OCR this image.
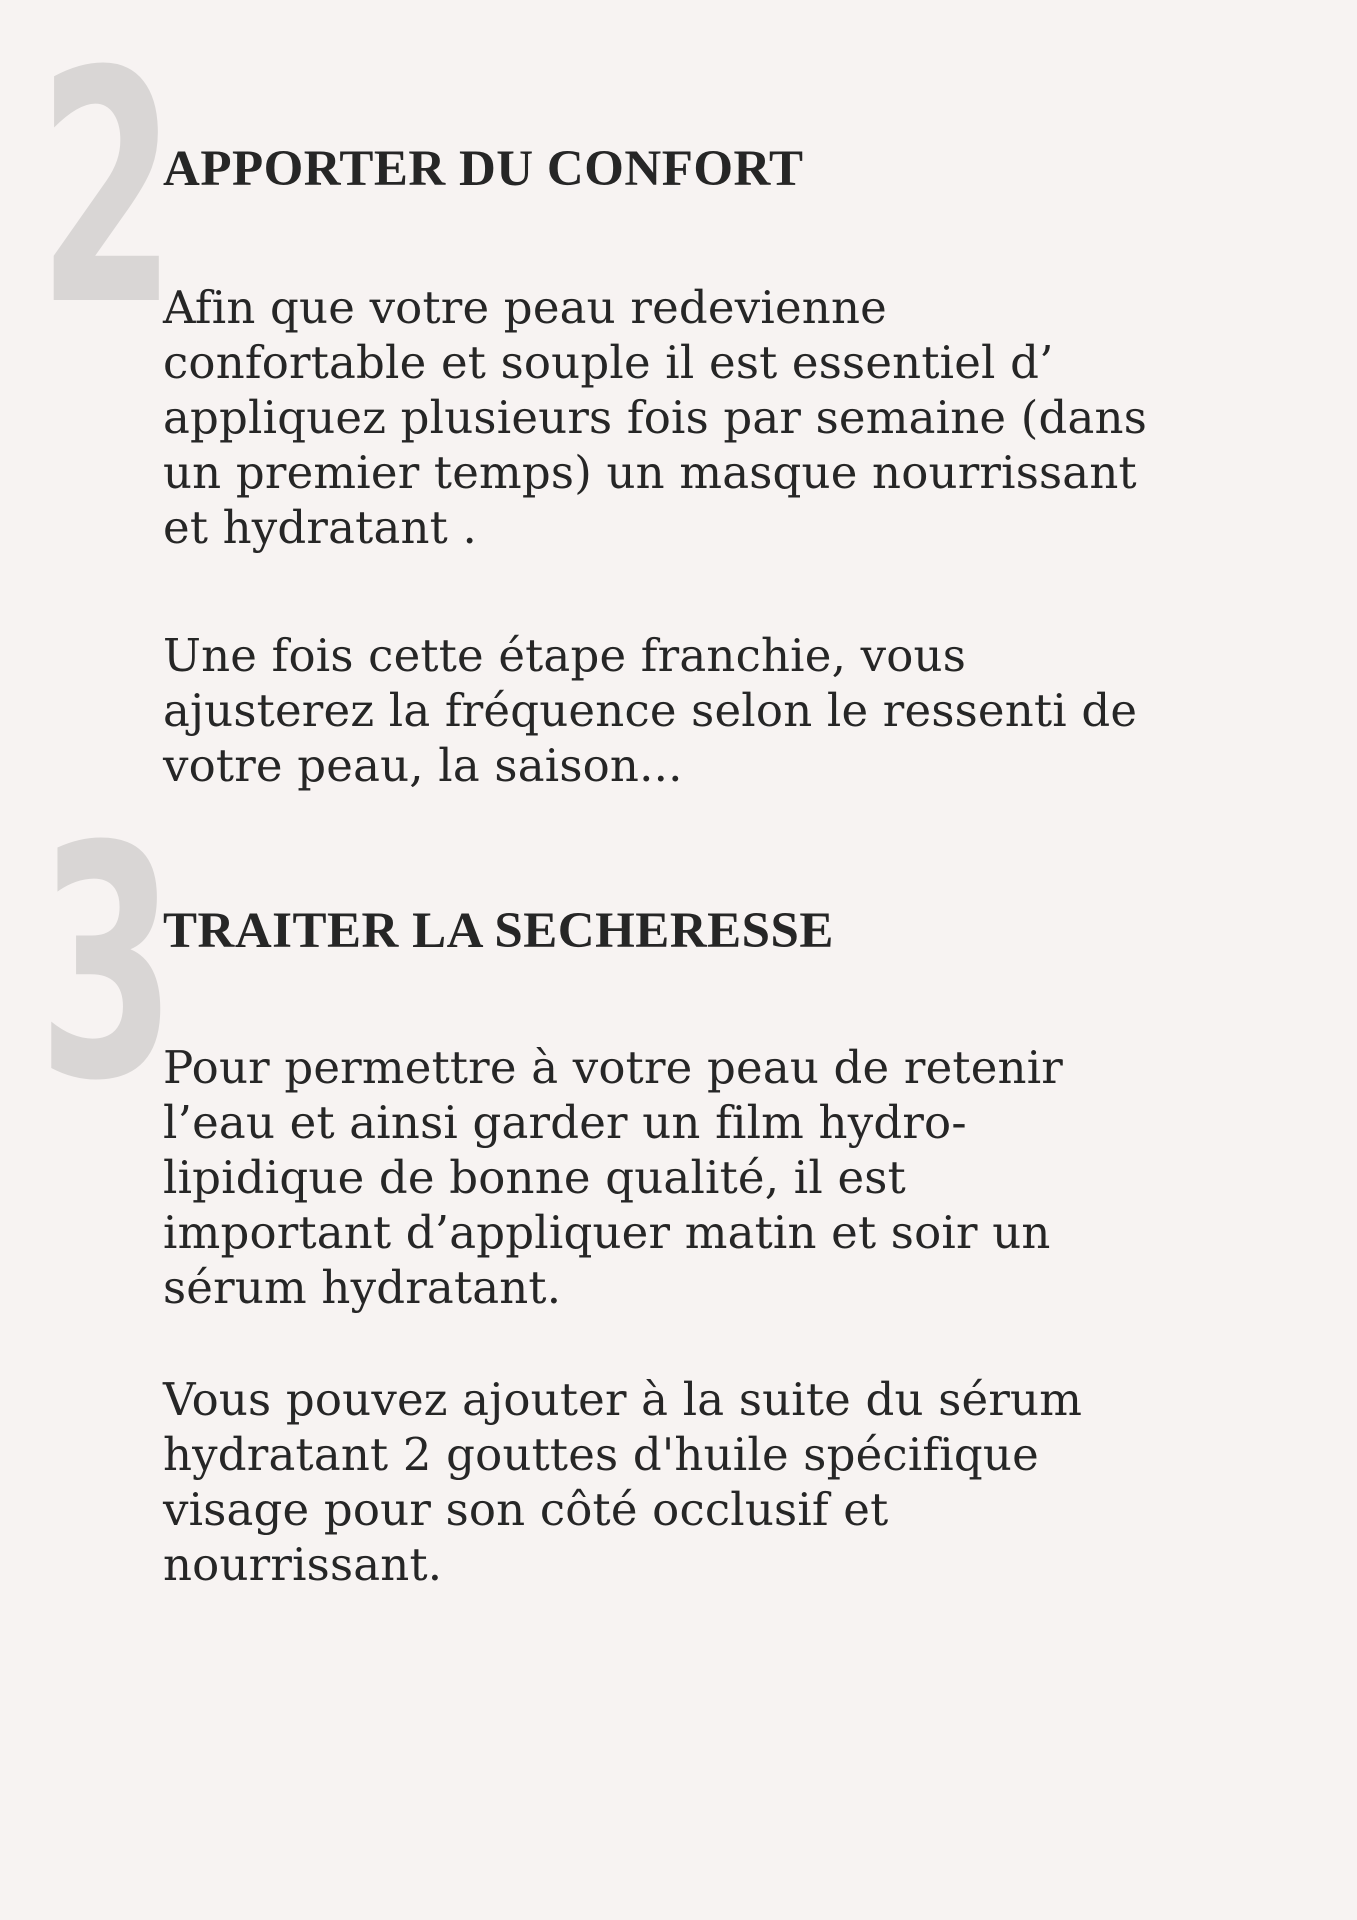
2
APPORTER DU CONFORT

Afin que votre peau redevienne
confortable et souple il est essentiel d’
appliquez plusieurs fois par semaine (dans
un premier temps) un masque nourrissant
et hydratant .

Une fois cette étape franchie, vous
ajusterez la fréquence selon le ressenti de
votre peau, la saison...

3
TRAITER LA SECHERESSE

Pour permettre à votre peau de retenir
l’eau et ainsi garder un film hydro-
lipidique de bonne qualité, il est
important d’appliquer matin et soir un
sérum hydratant.

Vous pouvez ajouter à la suite du sérum
hydratant 2 gouttes d'huile spécifique
visage pour son côté occlusif et
nourrissant.
